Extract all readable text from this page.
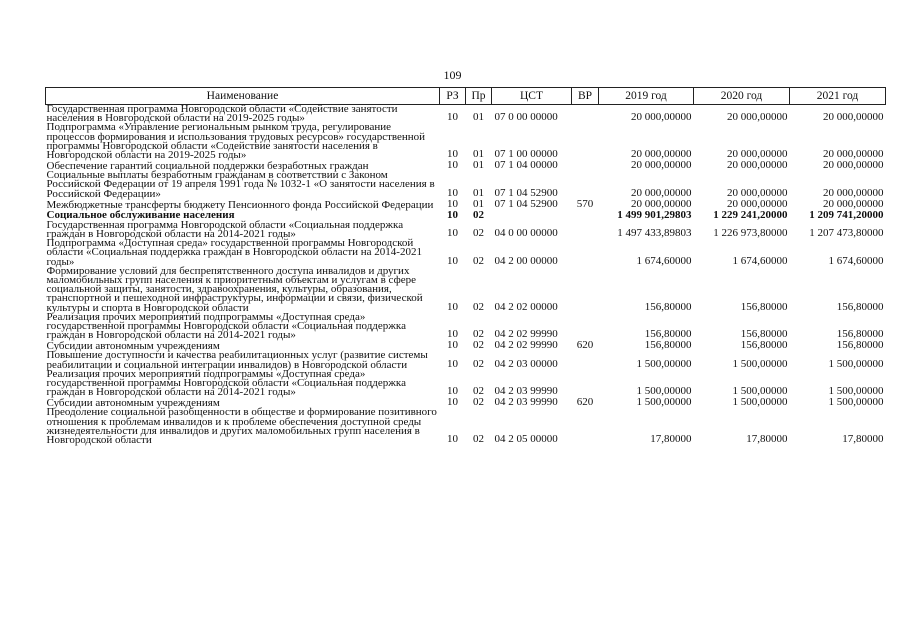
109
Наименование	РЗ	Пр	ЦСТ	ВР	2019 год	2020 год	2021 год
Государственная программа Новгородской области «Содействие занятости населения в Новгородской области на 2019-2025 годы»	10	01	07 0 00 00000		20 000,00000	20 000,00000	20 000,00000
Подпрограмма «Управление региональным рынком труда, регулирование процессов формирования и использования трудовых ресурсов» государственной программы Новгородской области «Содействие занятости населения в Новгородской области на 2019-2025 годы»	10	01	07 1 00 00000		20 000,00000	20 000,00000	20 000,00000
Обеспечение гарантий социальной поддержки безработных граждан	10	01	07 1 04 00000		20 000,00000	20 000,00000	20 000,00000
Социальные выплаты безработным гражданам в соответствии с Законом Российской Федерации от 19 апреля 1991 года № 1032-1 «О занятости населения в Российской Федерации»	10	01	07 1 04 52900		20 000,00000	20 000,00000	20 000,00000
Межбюджетные трансферты бюджету Пенсионного фонда Российской Федерации	10	01	07 1 04 52900	570	20 000,00000	20 000,00000	20 000,00000
Социальное обслуживание населения	10	02			1 499 901,29803	1 229 241,20000	1 209 741,20000
Государственная программа Новгородской области «Социальная поддержка граждан в Новгородской области на 2014-2021 годы»	10	02	04 0 00 00000		1 497 433,89803	1 226 973,80000	1 207 473,80000
Подпрограмма «Доступная среда» государственной программы Новгородской области «Социальная поддержка граждан в Новгородской области на 2014-2021 годы»	10	02	04 2 00 00000		1 674,60000	1 674,60000	1 674,60000
Формирование условий для беспрепятственного доступа инвалидов и других маломобильных групп населения к приоритетным объектам и услугам в сфере социальной защиты, занятости, здравоохранения, культуры, образования, транспортной и пешеходной инфраструктуры, информации и связи, физической культуры и спорта в Новгородской области	10	02	04 2 02 00000		156,80000	156,80000	156,80000
Реализация прочих мероприятий подпрограммы «Доступная среда» государственной программы Новгородской области «Социальная поддержка граждан в Новгородской области на 2014-2021 годы»	10	02	04 2 02 99990		156,80000	156,80000	156,80000
Субсидии автономным учреждениям	10	02	04 2 02 99990	620	156,80000	156,80000	156,80000
Повышение доступности и качества реабилитационных услуг (развитие системы реабилитации и социальной интеграции инвалидов) в Новгородской области	10	02	04 2 03 00000		1 500,00000	1 500,00000	1 500,00000
Реализация прочих мероприятий подпрограммы «Доступная среда» государственной программы Новгородской области «Социальная поддержка граждан в Новгородской области на 2014-2021 годы»	10	02	04 2 03 99990		1 500,00000	1 500,00000	1 500,00000
Субсидии автономным учреждениям	10	02	04 2 03 99990	620	1 500,00000	1 500,00000	1 500,00000
Преодоление социальной разобщенности в обществе и формирование позитивного отношения к проблемам инвалидов и к проблеме обеспечения доступной среды жизнедеятельности для инвалидов и других маломобильных групп населения в Новгородской области	10	02	04 2 05 00000		17,80000	17,80000	17,80000
